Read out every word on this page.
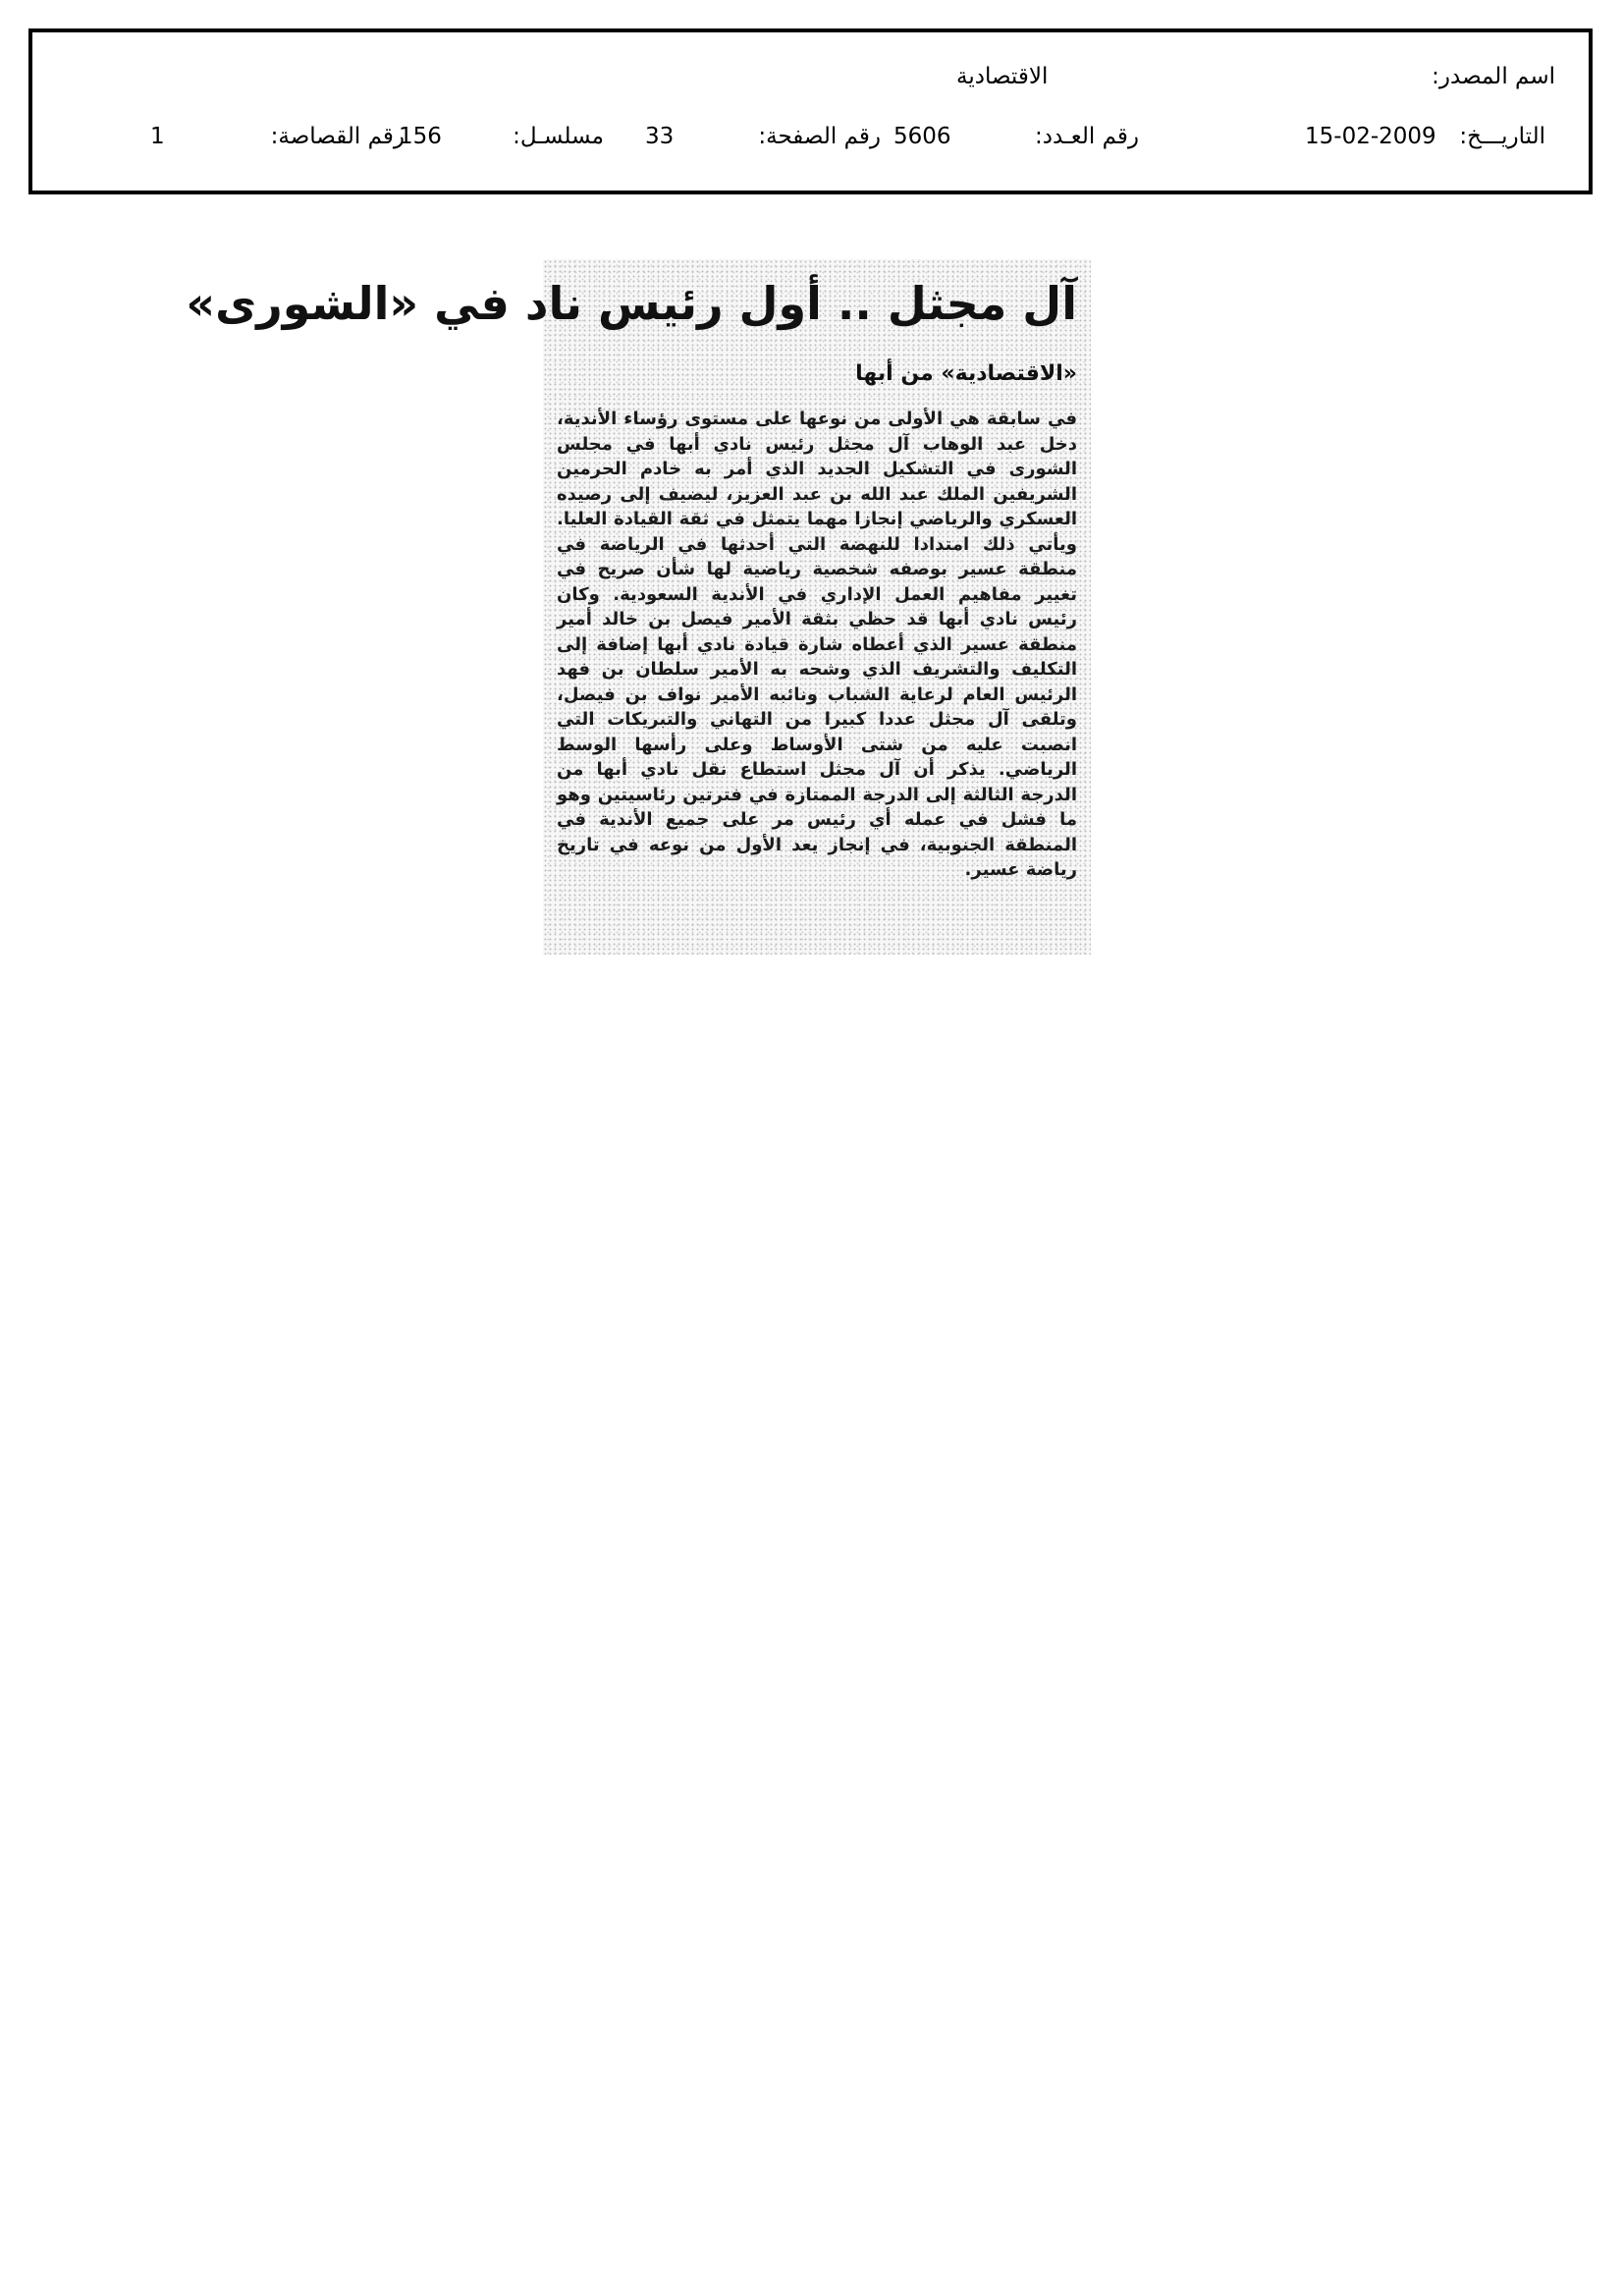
اسم المصدر:
الاقتصادية
التاريـــخ:
15-02-2009
رقم العـدد:
5606
رقم الصفحة:
33
مسلسـل:
156
رقم القصاصة:
1
آل مجثل .. أول رئيس ناد في «الشورى»
«الاقتصادية» من أبها
في سابقة هي الأولى من نوعها على مستوى رؤساء الأندية، دخل عبد الوهاب آل مجثل رئيس نادي أبها في مجلس الشورى في التشكيل الجديد الذي أمر به خادم الحرمين الشريفين الملك عبد الله بن عبد العزيز، ليضيف إلى رصيده العسكري والرياضي إنجازا مهما يتمثل في ثقة القيادة العليا. ويأتي ذلك امتدادا للنهضة التي أحدثها في الرياضة في منطقة عسير بوصفه شخصية رياضية لها شأن صريح في تغيير مفاهيم العمل الإداري في الأندية السعودية. وكان رئيس نادي أبها قد حظي بثقة الأمير فيصل بن خالد أمير منطقة عسير الذي أعطاه شارة قيادة نادي أبها إضافة إلى التكليف والتشريف الذي وشحه به الأمير سلطان بن فهد الرئيس العام لرعاية الشباب ونائبه الأمير نواف بن فيصل، وتلقى آل مجثل عددا كبيرا من التهاني والتبريكات التي انصبت عليه من شتى الأوساط وعلى رأسها الوسط الرياضي. يذكر أن آل مجثل استطاع نقل نادي أبها من الدرجة الثالثة إلى الدرجة الممتازة في فترتين رئاسيتين وهو ما فشل في عمله أي رئيس مر على جميع الأندية في المنطقة الجنوبية، في إنجاز يعد الأول من نوعه في تاريخ رياضة عسير.
